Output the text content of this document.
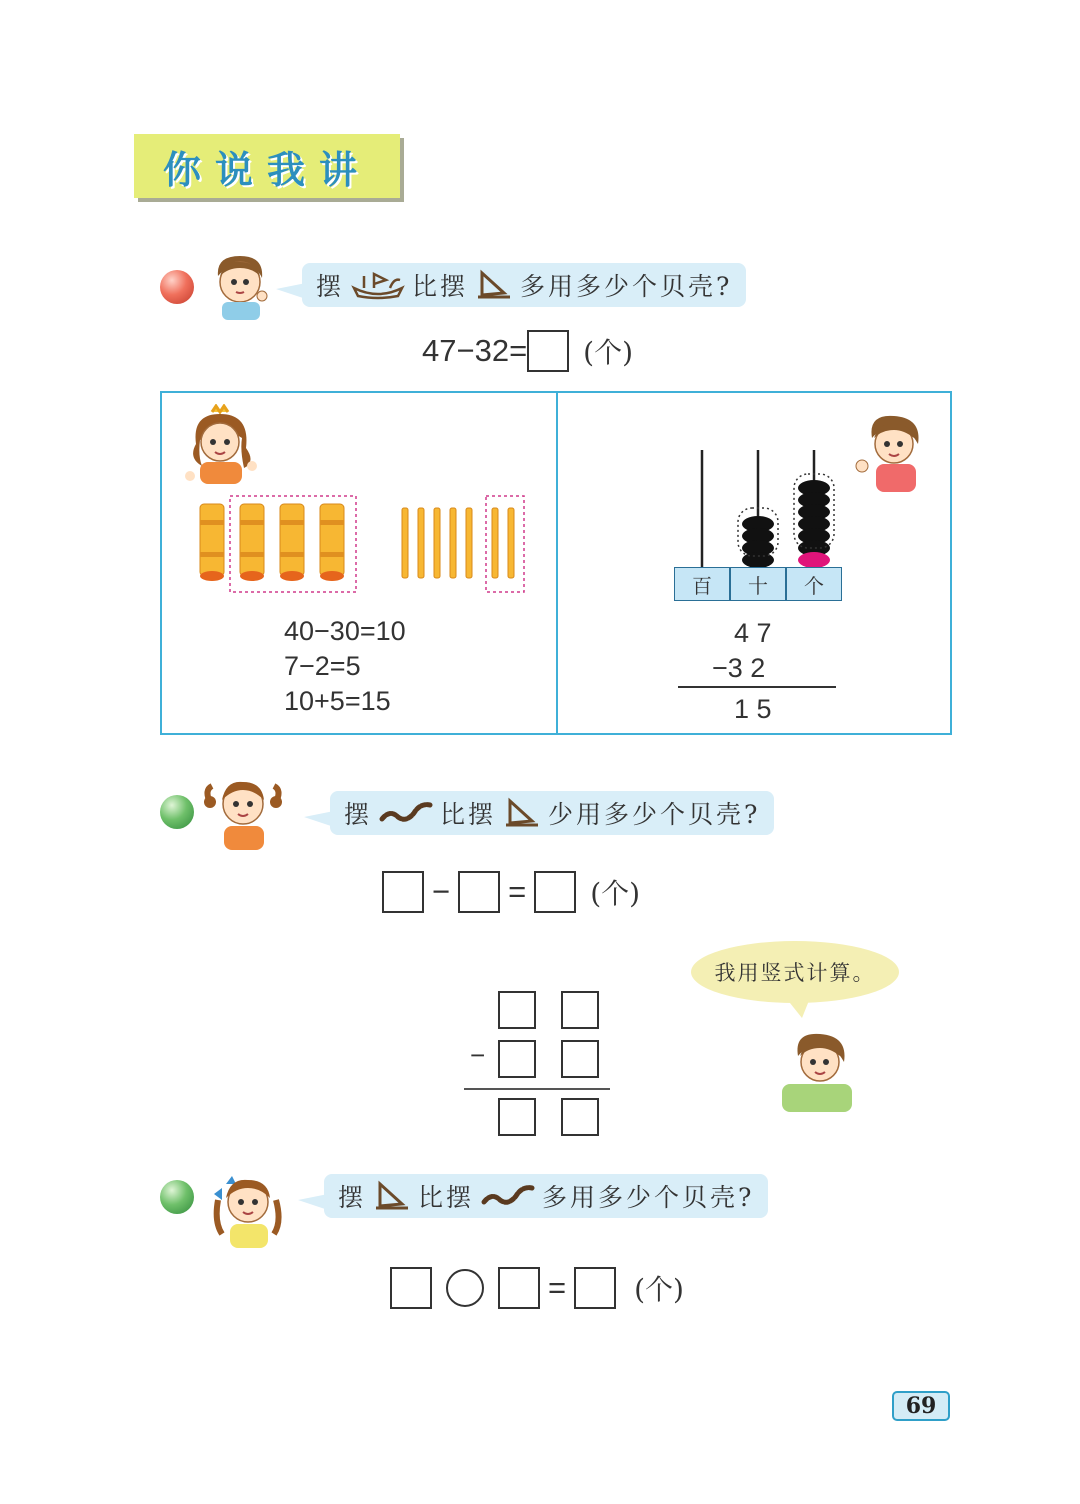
你说我讲
摆	比摆 多用多少个贝壳?
47−32= (个)
40−30=10
7−2=5
10+5=15
百	十	个
4 7
−3 2
1 5
摆	比摆 少用多少个贝壳?
− = (个)
我用竖式计算。
−
摆 比摆	多用多少个贝壳?
= (个)
69
